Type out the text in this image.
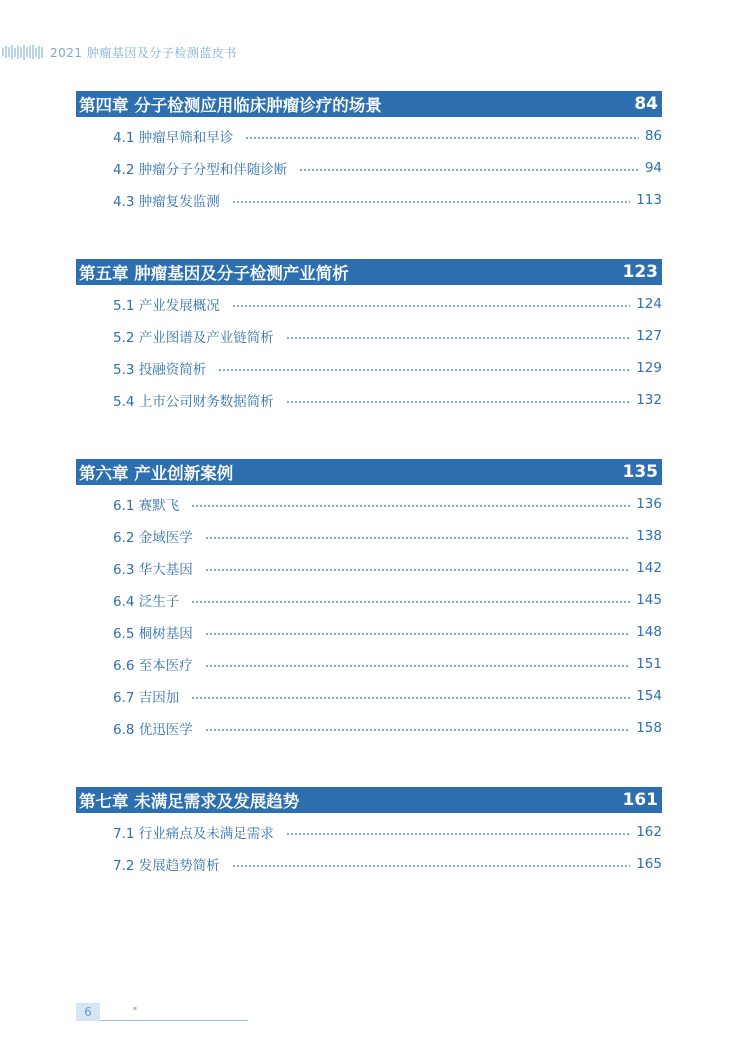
2021 肿瘤基因及分子检测蓝皮书
第四章 分子检测应用临床肿瘤诊疗的场景	84
4.1 肿瘤早筛和早诊	86
4.2 肿瘤分子分型和伴随诊断	94
4.3 肿瘤复发监测	113
第五章 肿瘤基因及分子检测产业简析	123
5.1 产业发展概况	124
5.2 产业图谱及产业链简析	127
5.3 投融资简析	129
5.4 上市公司财务数据简析	132
第六章 产业创新案例	135
6.1 赛默飞	136
6.2 金域医学	138
6.3 华大基因	142
6.4 泛生子	145
6.5 桐树基因	148
6.6 至本医疗	151
6.7 吉因加	154
6.8 优迅医学	158
第七章 未满足需求及发展趋势	161
7.1 行业痛点及未满足需求	162
7.2 发展趋势简析	165
6	▪
